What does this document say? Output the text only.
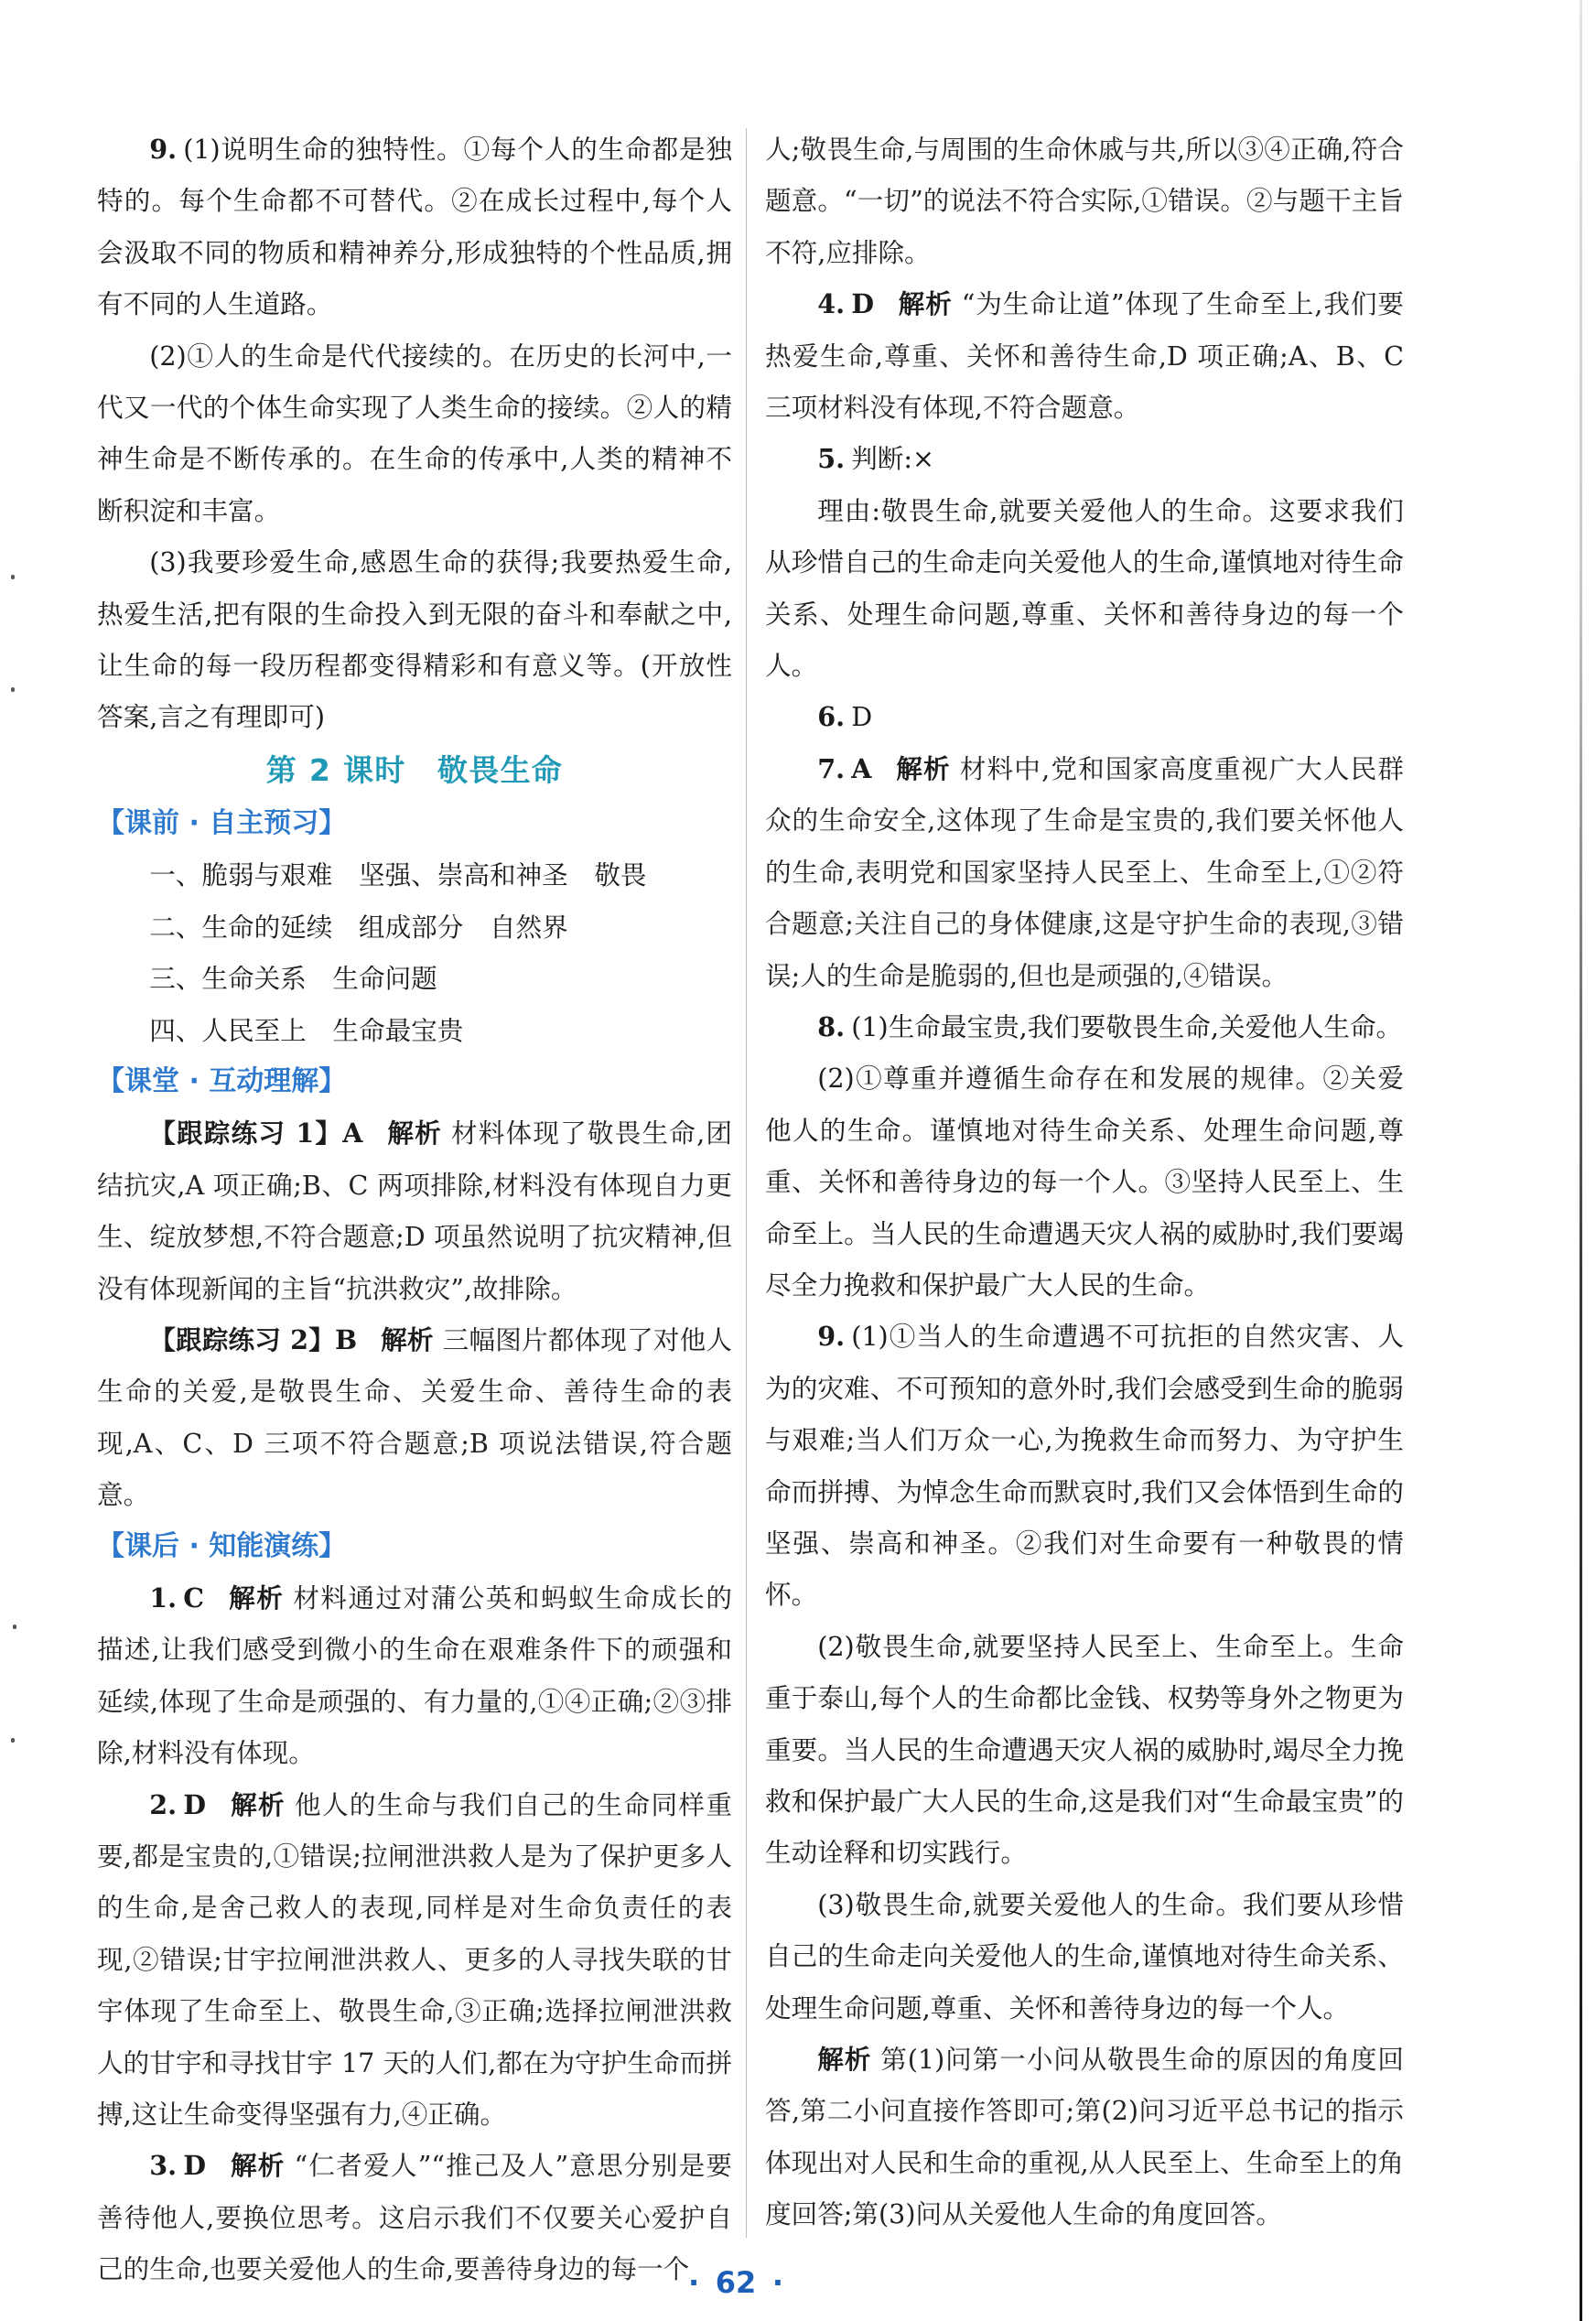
9. (1)说明生命的独特性。①每个人的生命都是独特的。每个生命都不可替代。②在成长过程中,每个人会汲取不同的物质和精神养分,形成独特的个性品质,拥有不同的人生道路。

(2)①人的生命是代代接续的。在历史的长河中,一代又一代的个体生命实现了人类生命的接续。②人的精神生命是不断传承的。在生命的传承中,人类的精神不断积淀和丰富。

(3)我要珍爱生命,感恩生命的获得;我要热爱生命,热爱生活,把有限的生命投入到无限的奋斗和奉献之中,让生命的每一段历程都变得精彩和有意义等。(开放性答案,言之有理即可)

第 2 课时　敬畏生命

【课前 · 自主预习】

一、脆弱与艰难 坚强、崇高和神圣 敬畏

二、生命的延续 组成部分 自然界

三、生命关系 生命问题

四、人民至上 生命最宝贵

【课堂 · 互动理解】

【跟踪练习 1】A 解析 材料体现了敬畏生命,团结抗灾,A 项正确;B、C 两项排除,材料没有体现自力更生、绽放梦想,不符合题意;D 项虽然说明了抗灾精神,但没有体现新闻的主旨“抗洪救灾”,故排除。

【跟踪练习 2】B 解析 三幅图片都体现了对他人生命的关爱,是敬畏生命、关爱生命、善待生命的表现,A、C、D 三项不符合题意;B 项说法错误,符合题意。

【课后 · 知能演练】

1. C 解析 材料通过对蒲公英和蚂蚁生命成长的描述,让我们感受到微小的生命在艰难条件下的顽强和延续,体现了生命是顽强的、有力量的,①④正确;②③排除,材料没有体现。

2. D 解析 他人的生命与我们自己的生命同样重要,都是宝贵的,①错误;拉闸泄洪救人是为了保护更多人的生命,是舍己救人的表现,同样是对生命负责任的表现,②错误;甘宇拉闸泄洪救人、更多的人寻找失联的甘宇体现了生命至上、敬畏生命,③正确;选择拉闸泄洪救人的甘宇和寻找甘宇 17 天的人们,都在为守护生命而拼搏,这让生命变得坚强有力,④正确。

3. D 解析 “仁者爱人”“推己及人”意思分别是要善待他人,要换位思考。这启示我们不仅要关心爱护自己的生命,也要关爱他人的生命,要善待身边的每一个

人;敬畏生命,与周围的生命休戚与共,所以③④正确,符合题意。“一切”的说法不符合实际,①错误。②与题干主旨不符,应排除。

4. D 解析 “为生命让道”体现了生命至上,我们要热爱生命,尊重、关怀和善待生命,D 项正确;A、B、C 三项材料没有体现,不符合题意。

5. 判断:×

理由:敬畏生命,就要关爱他人的生命。这要求我们从珍惜自己的生命走向关爱他人的生命,谨慎地对待生命关系、处理生命问题,尊重、关怀和善待身边的每一个人。

6. D

7. A 解析 材料中,党和国家高度重视广大人民群众的生命安全,这体现了生命是宝贵的,我们要关怀他人的生命,表明党和国家坚持人民至上、生命至上,①②符合题意;关注自己的身体健康,这是守护生命的表现,③错误;人的生命是脆弱的,但也是顽强的,④错误。

8. (1)生命最宝贵,我们要敬畏生命,关爱他人生命。

(2)①尊重并遵循生命存在和发展的规律。②关爱他人的生命。谨慎地对待生命关系、处理生命问题,尊重、关怀和善待身边的每一个人。③坚持人民至上、生命至上。当人民的生命遭遇天灾人祸的威胁时,我们要竭尽全力挽救和保护最广大人民的生命。

9. (1)①当人的生命遭遇不可抗拒的自然灾害、人为的灾难、不可预知的意外时,我们会感受到生命的脆弱与艰难;当人们万众一心,为挽救生命而努力、为守护生命而拼搏、为悼念生命而默哀时,我们又会体悟到生命的坚强、崇高和神圣。②我们对生命要有一种敬畏的情怀。

(2)敬畏生命,就要坚持人民至上、生命至上。生命重于泰山,每个人的生命都比金钱、权势等身外之物更为重要。当人民的生命遭遇天灾人祸的威胁时,竭尽全力挽救和保护最广大人民的生命,这是我们对“生命最宝贵”的生动诠释和切实践行。

(3)敬畏生命,就要关爱他人的生命。我们要从珍惜自己的生命走向关爱他人的生命,谨慎地对待生命关系、处理生命问题,尊重、关怀和善待身边的每一个人。

解析 第(1)问第一小问从敬畏生命的原因的角度回答,第二小问直接作答即可;第(2)问习近平总书记的指示体现出对人民和生命的重视,从人民至上、生命至上的角度回答;第(3)问从关爱他人生命的角度回答。

· 62 ·
